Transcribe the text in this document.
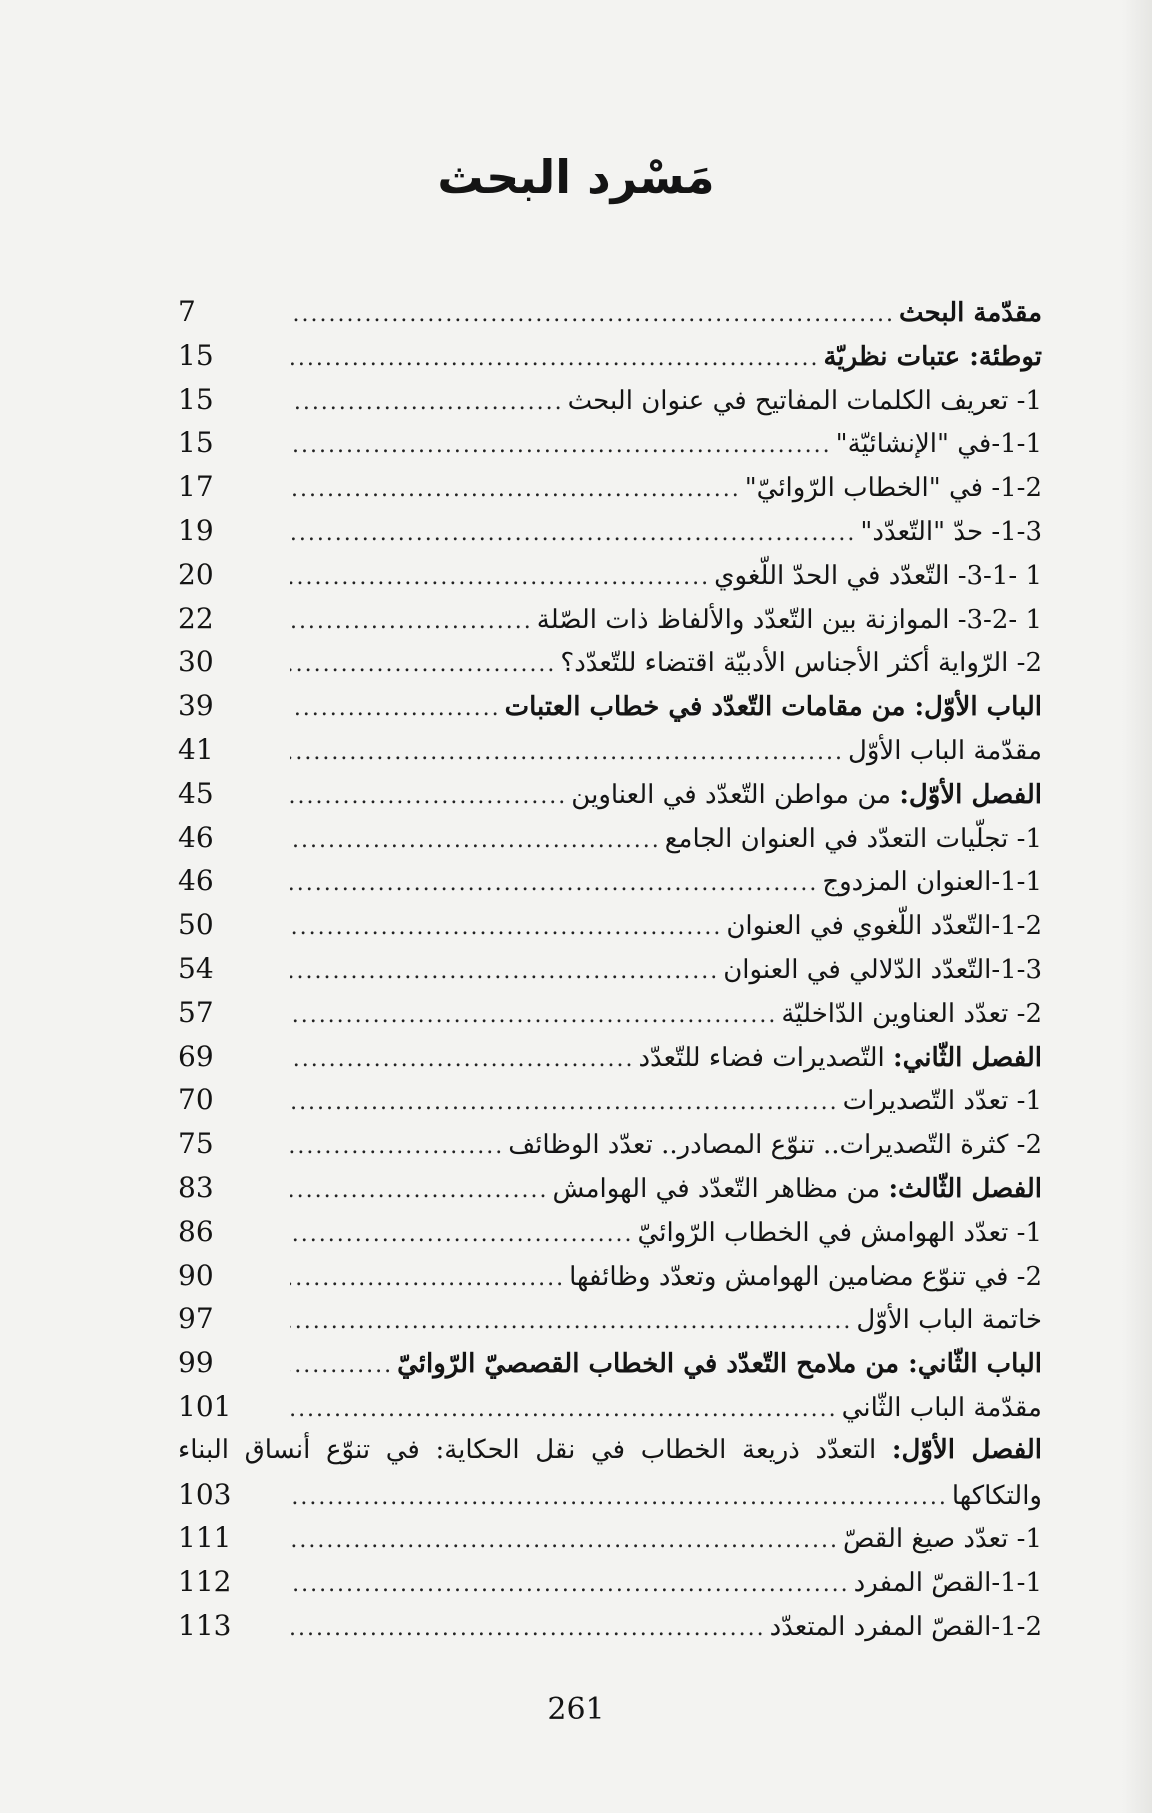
مَسْرد البحث
مقدّمة البحث
.....
7
توطئة: عتبات نظريّة
.....
15
1- تعريف الكلمات المفاتيح في عنوان البحث
.....
15
1-1-في "الإنشائيّة"
.....
15
1-2- في "الخطاب الرّوائيّ"
.....
17
1-3- حدّ "التّعدّد"
.....
19
1 -3-1- التّعدّد في الحدّ اللّغوي
.....
20
1 -3-2- الموازنة بين التّعدّد والألفاظ ذات الصّلة
.....
22
2- الرّواية أكثر الأجناس الأدبيّة اقتضاء للتّعدّد؟
.....
30
الباب الأوّل: من مقامات التّعدّد في خطاب العتبات
.....
39
مقدّمة الباب الأوّل
.....
41
الفصل الأوّل: من مواطن التّعدّد في العناوين
.....
45
1- تجلّيات التعدّد في العنوان الجامع
.....
46
1-1-العنوان المزدوج
.....
46
1-2-التّعدّد اللّغوي في العنوان
.....
50
1-3-التّعدّد الدّلالي في العنوان
.....
54
2- تعدّد العناوين الدّاخليّة
.....
57
الفصل الثّاني: التّصديرات فضاء للتّعدّد
.....
69
1- تعدّد التّصديرات
.....
70
2- كثرة التّصديرات.. تنوّع المصادر.. تعدّد الوظائف
.....
75
الفصل الثّالث: من مظاهر التّعدّد في الهوامش
.....
83
1- تعدّد الهوامش في الخطاب الرّوائيّ
.....
86
2- في تنوّع مضامين الهوامش وتعدّد وظائفها
.....
90
خاتمة الباب الأوّل
.....
97
الباب الثّاني: من ملامح التّعدّد في الخطاب القصصيّ الرّوائيّ
.....
99
مقدّمة الباب الثّاني
.....
101
الفصل الأوّل: التعدّد ذريعة الخطاب في نقل الحكاية: في تنوّع أنساق البناء
والتكاكها
.....
103
1- تعدّد صيغ القصّ
.....
111
1-1-القصّ المفرد
.....
112
1-2-القصّ المفرد المتعدّد
.....
113

261
